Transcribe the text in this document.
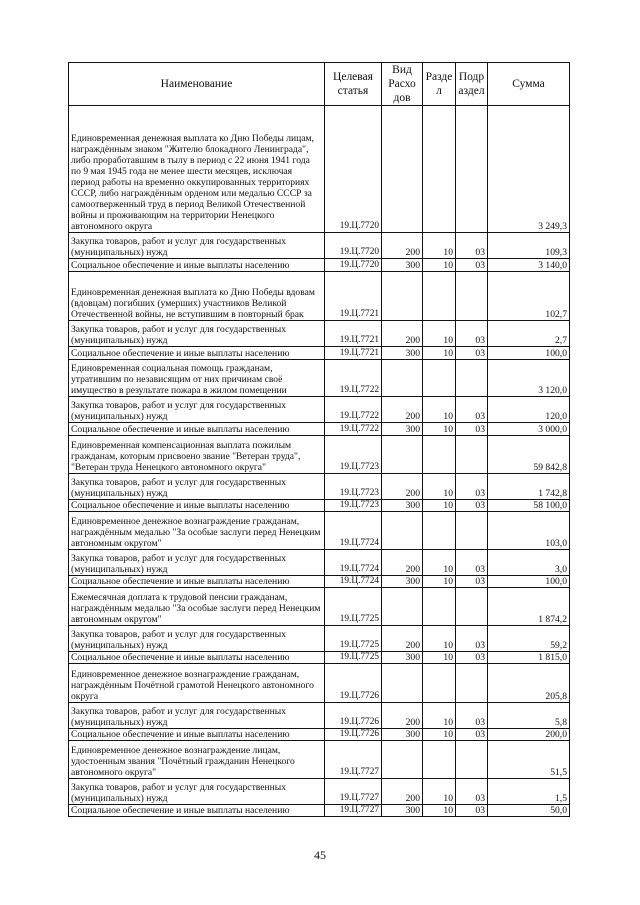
Наименование	Целевая статья	Вид Расхо дов	Разде л	Подр аздел	Сумма
Единовременная денежная выплата ко Дню Победы лицам, награждённым знаком "Жителю блокадного Ленинграда", либо проработавшим в тылу в период с 22 июня 1941 года по 9 мая 1945 года не менее шести месяцев, исключая период работы на временно оккупированных территориях СССР, либо награждённым орденом или медалью СССР за самоотверженный труд в период Великой Отечественной войны и проживающим на территории Ненецкого автономного округа	19.Ц.7720				3 249,3
Закупка товаров, работ и услуг для государственных (муниципальных) нужд	19.Ц.7720	200	10	03	109,3
Социальное обеспечение и иные выплаты населению	19.Ц.7720	300	10	03	3 140,0
Единовременная денежная выплата ко Дню Победы вдовам (вдовцам) погибших (умерших) участников Великой Отечественной войны, не вступившим в повторный брак	19.Ц.7721				102,7
Закупка товаров, работ и услуг для государственных (муниципальных) нужд	19.Ц.7721	200	10	03	2,7
Социальное обеспечение и иные выплаты населению	19.Ц.7721	300	10	03	100,0
Единовременная социальная помощь гражданам, утратившим по независящим от них причинам своё имущество в результате пожара в жилом помещении	19.Ц.7722				3 120,0
Закупка товаров, работ и услуг для государственных (муниципальных) нужд	19.Ц.7722	200	10	03	120,0
Социальное обеспечение и иные выплаты населению	19.Ц.7722	300	10	03	3 000,0
Единовременная компенсационная выплата пожилым гражданам, которым присвоено звание "Ветеран труда", "Ветеран труда Ненецкого автономного округа"	19.Ц.7723				59 842,8
Закупка товаров, работ и услуг для государственных (муниципальных) нужд	19.Ц.7723	200	10	03	1 742,8
Социальное обеспечение и иные выплаты населению	19.Ц.7723	300	10	03	58 100,0
Единовременное денежное вознаграждение гражданам, награждённым медалью "За особые заслуги перед Ненецким автономным округом"	19.Ц.7724				103,0
Закупка товаров, работ и услуг для государственных (муниципальных) нужд	19.Ц.7724	200	10	03	3,0
Социальное обеспечение и иные выплаты населению	19.Ц.7724	300	10	03	100,0
Ежемесячная доплата к трудовой пенсии гражданам, награждённым медалью "За особые заслуги перед Ненецким автономным округом"	19.Ц.7725				1 874,2
Закупка товаров, работ и услуг для государственных (муниципальных) нужд	19.Ц.7725	200	10	03	59,2
Социальное обеспечение и иные выплаты населению	19.Ц.7725	300	10	03	1 815,0
Единовременное денежное вознаграждение гражданам, награждённым Почётной грамотой Ненецкого автономного округа	19.Ц.7726				205,8
Закупка товаров, работ и услуг для государственных (муниципальных) нужд	19.Ц.7726	200	10	03	5,8
Социальное обеспечение и иные выплаты населению	19.Ц.7726	300	10	03	200,0
Единовременное денежное вознаграждение лицам, удостоенным звания "Почётный гражданин Ненецкого автономного округа"	19.Ц.7727				51,5
Закупка товаров, работ и услуг для государственных (муниципальных) нужд	19.Ц.7727	200	10	03	1,5
Социальное обеспечение и иные выплаты населению	19.Ц.7727	300	10	03	50,0
45
